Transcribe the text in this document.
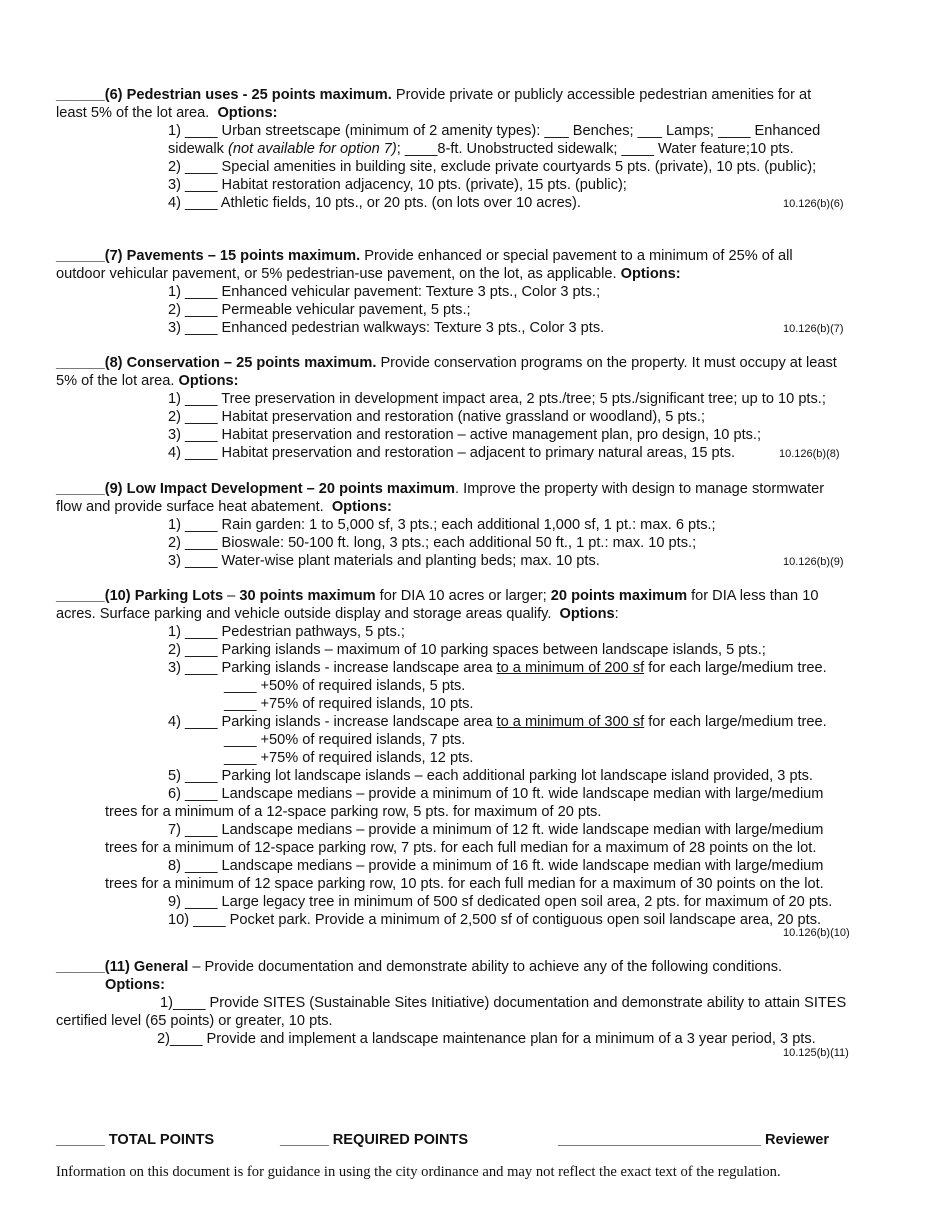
______(6) Pedestrian uses - 25 points maximum. Provide private or publicly accessible pedestrian amenities for at
least 5% of the lot area. Options:
1) ____ Urban streetscape (minimum of 2 amenity types): ___ Benches; ___ Lamps; ____ Enhanced
sidewalk (not available for option 7); ____8-ft. Unobstructed sidewalk; ____ Water feature;10 pts.
2) ____ Special amenities in building site, exclude private courtyards 5 pts. (private), 10 pts. (public);
3) ____ Habitat restoration adjacency, 10 pts. (private), 15 pts. (public);
4) ____ Athletic fields, 10 pts., or 20 pts. (on lots over 10 acres).	10.126(b)(6)
______(7) Pavements – 15 points maximum. Provide enhanced or special pavement to a minimum of 25% of all
outdoor vehicular pavement, or 5% pedestrian-use pavement, on the lot, as applicable. Options:
1) ____ Enhanced vehicular pavement: Texture 3 pts., Color 3 pts.;
2) ____ Permeable vehicular pavement, 5 pts.;
3) ____ Enhanced pedestrian walkways: Texture 3 pts., Color 3 pts.	10.126(b)(7)
______(8) Conservation – 25 points maximum. Provide conservation programs on the property. It must occupy at least
5% of the lot area. Options:
1) ____ Tree preservation in development impact area, 2 pts./tree; 5 pts./significant tree; up to 10 pts.;
2) ____ Habitat preservation and restoration (native grassland or woodland), 5 pts.;
3) ____ Habitat preservation and restoration – active management plan, pro design, 10 pts.;
4) ____ Habitat preservation and restoration – adjacent to primary natural areas, 15 pts.	10.126(b)(8)
______(9) Low Impact Development – 20 points maximum. Improve the property with design to manage stormwater
flow and provide surface heat abatement. Options:
1) ____ Rain garden: 1 to 5,000 sf, 3 pts.; each additional 1,000 sf, 1 pt.: max. 6 pts.;
2) ____ Bioswale: 50-100 ft. long, 3 pts.; each additional 50 ft., 1 pt.: max. 10 pts.;
3) ____ Water-wise plant materials and planting beds; max. 10 pts.	10.126(b)(9)
______(10) Parking Lots – 30 points maximum for DIA 10 acres or larger; 20 points maximum for DIA less than 10
acres. Surface parking and vehicle outside display and storage areas qualify. Options:
1) ____ Pedestrian pathways, 5 pts.;
2) ____ Parking islands – maximum of 10 parking spaces between landscape islands, 5 pts.;
3) ____ Parking islands - increase landscape area to a minimum of 200 sf for each large/medium tree.
____ +50% of required islands, 5 pts.
____ +75% of required islands, 10 pts.
4) ____ Parking islands - increase landscape area to a minimum of 300 sf for each large/medium tree.
____ +50% of required islands, 7 pts.
____ +75% of required islands, 12 pts.
5) ____ Parking lot landscape islands – each additional parking lot landscape island provided, 3 pts.
6) ____ Landscape medians – provide a minimum of 10 ft. wide landscape median with large/medium
trees for a minimum of a 12-space parking row, 5 pts. for maximum of 20 pts.
7) ____ Landscape medians – provide a minimum of 12 ft. wide landscape median with large/medium
trees for a minimum of 12-space parking row, 7 pts. for each full median for a maximum of 28 points on the lot.
8) ____ Landscape medians – provide a minimum of 16 ft. wide landscape median with large/medium
trees for a minimum of 12 space parking row, 10 pts. for each full median for a maximum of 30 points on the lot.
9) ____ Large legacy tree in minimum of 500 sf dedicated open soil area, 2 pts. for maximum of 20 pts.
10) ____ Pocket park. Provide a minimum of 2,500 sf of contiguous open soil landscape area, 20 pts.
10.126(b)(10)
______(11) General – Provide documentation and demonstrate ability to achieve any of the following conditions.
Options:
1)____ Provide SITES (Sustainable Sites Initiative) documentation and demonstrate ability to attain SITES
certified level (65 points) or greater, 10 pts.
2)____ Provide and implement a landscape maintenance plan for a minimum of a 3 year period, 3 pts.
10.125(b)(11)
______ TOTAL POINTS	______ REQUIRED POINTS	_________________________ Reviewer
Information on this document is for guidance in using the city ordinance and may not reflect the exact text of the regulation.
